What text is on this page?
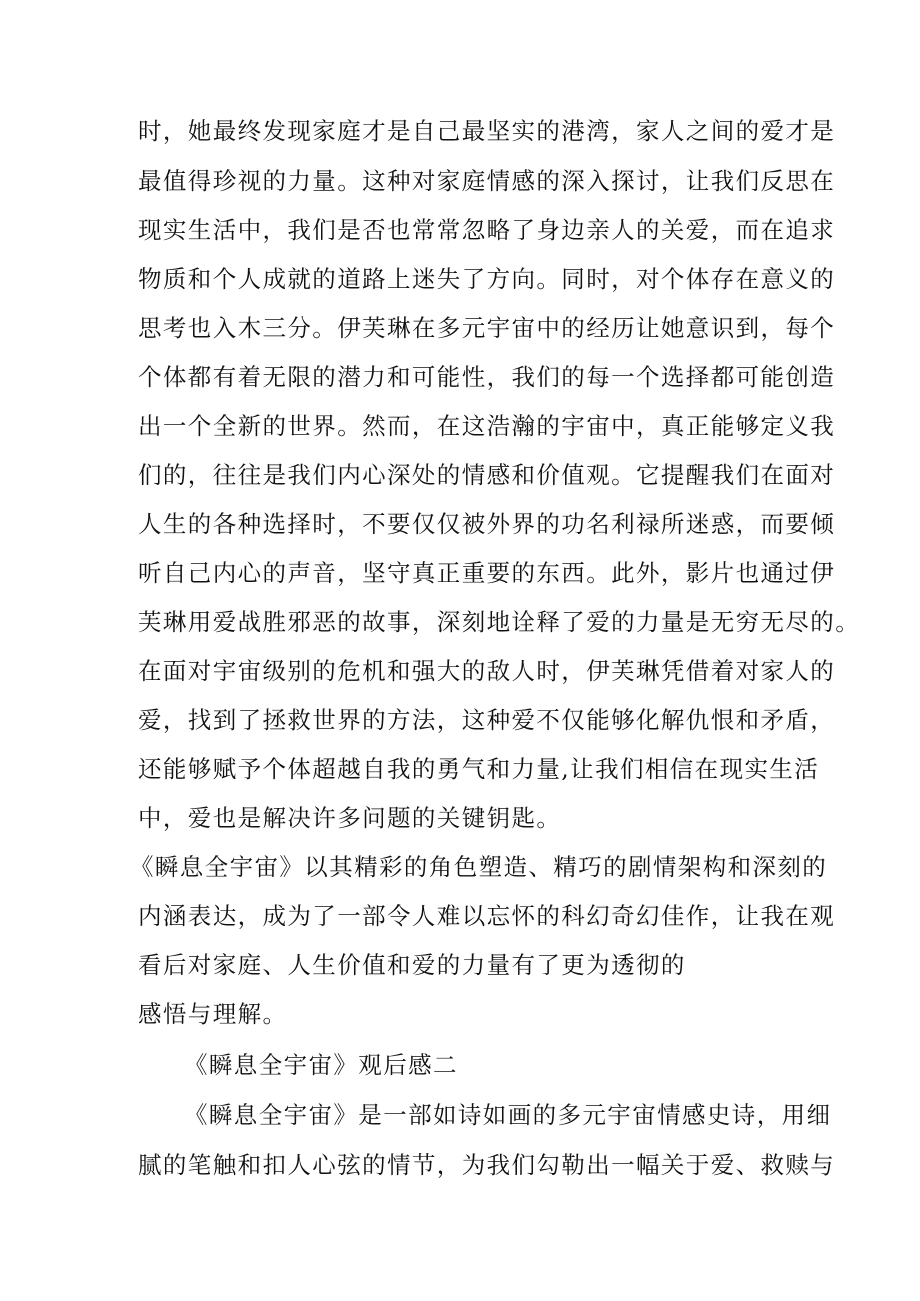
时，她最终发现家庭才是自己最坚实的港湾，家人之间的爱才是
最值得珍视的力量。这种对家庭情感的深入探讨，让我们反思在
现实生活中，我们是否也常常忽略了身边亲人的关爱，而在追求
物质和个人成就的道路上迷失了方向。同时，对个体存在意义的
思考也入木三分。伊芙琳在多元宇宙中的经历让她意识到，每个
个体都有着无限的潜力和可能性，我们的每一个选择都可能创造
出一个全新的世界。然而，在这浩瀚的宇宙中，真正能够定义我
们的，往往是我们内心深处的情感和价值观。它提醒我们在面对
人生的各种选择时，不要仅仅被外界的功名利禄所迷惑，而要倾
听自己内心的声音，坚守真正重要的东西。此外，影片也通过伊
芙琳用爱战胜邪恶的故事，深刻地诠释了爱的力量是无穷无尽的。
在面对宇宙级别的危机和强大的敌人时，伊芙琳凭借着对家人的
爱，找到了拯救世界的方法，这种爱不仅能够化解仇恨和矛盾，
还能够赋予个体超越自我的勇气和力量,让我们相信在现实生活
中，爱也是解决许多问题的关键钥匙。
《瞬息全宇宙》以其精彩的角色塑造、精巧的剧情架构和深刻的
内涵表达，成为了一部令人难以忘怀的科幻奇幻佳作，让我在观
看后对家庭、人生价值和爱的力量有了更为透彻的
感悟与理解。
《瞬息全宇宙》观后感二
《瞬息全宇宙》是一部如诗如画的多元宇宙情感史诗，用细
腻的笔触和扣人心弦的情节，为我们勾勒出一幅关于爱、救赎与
